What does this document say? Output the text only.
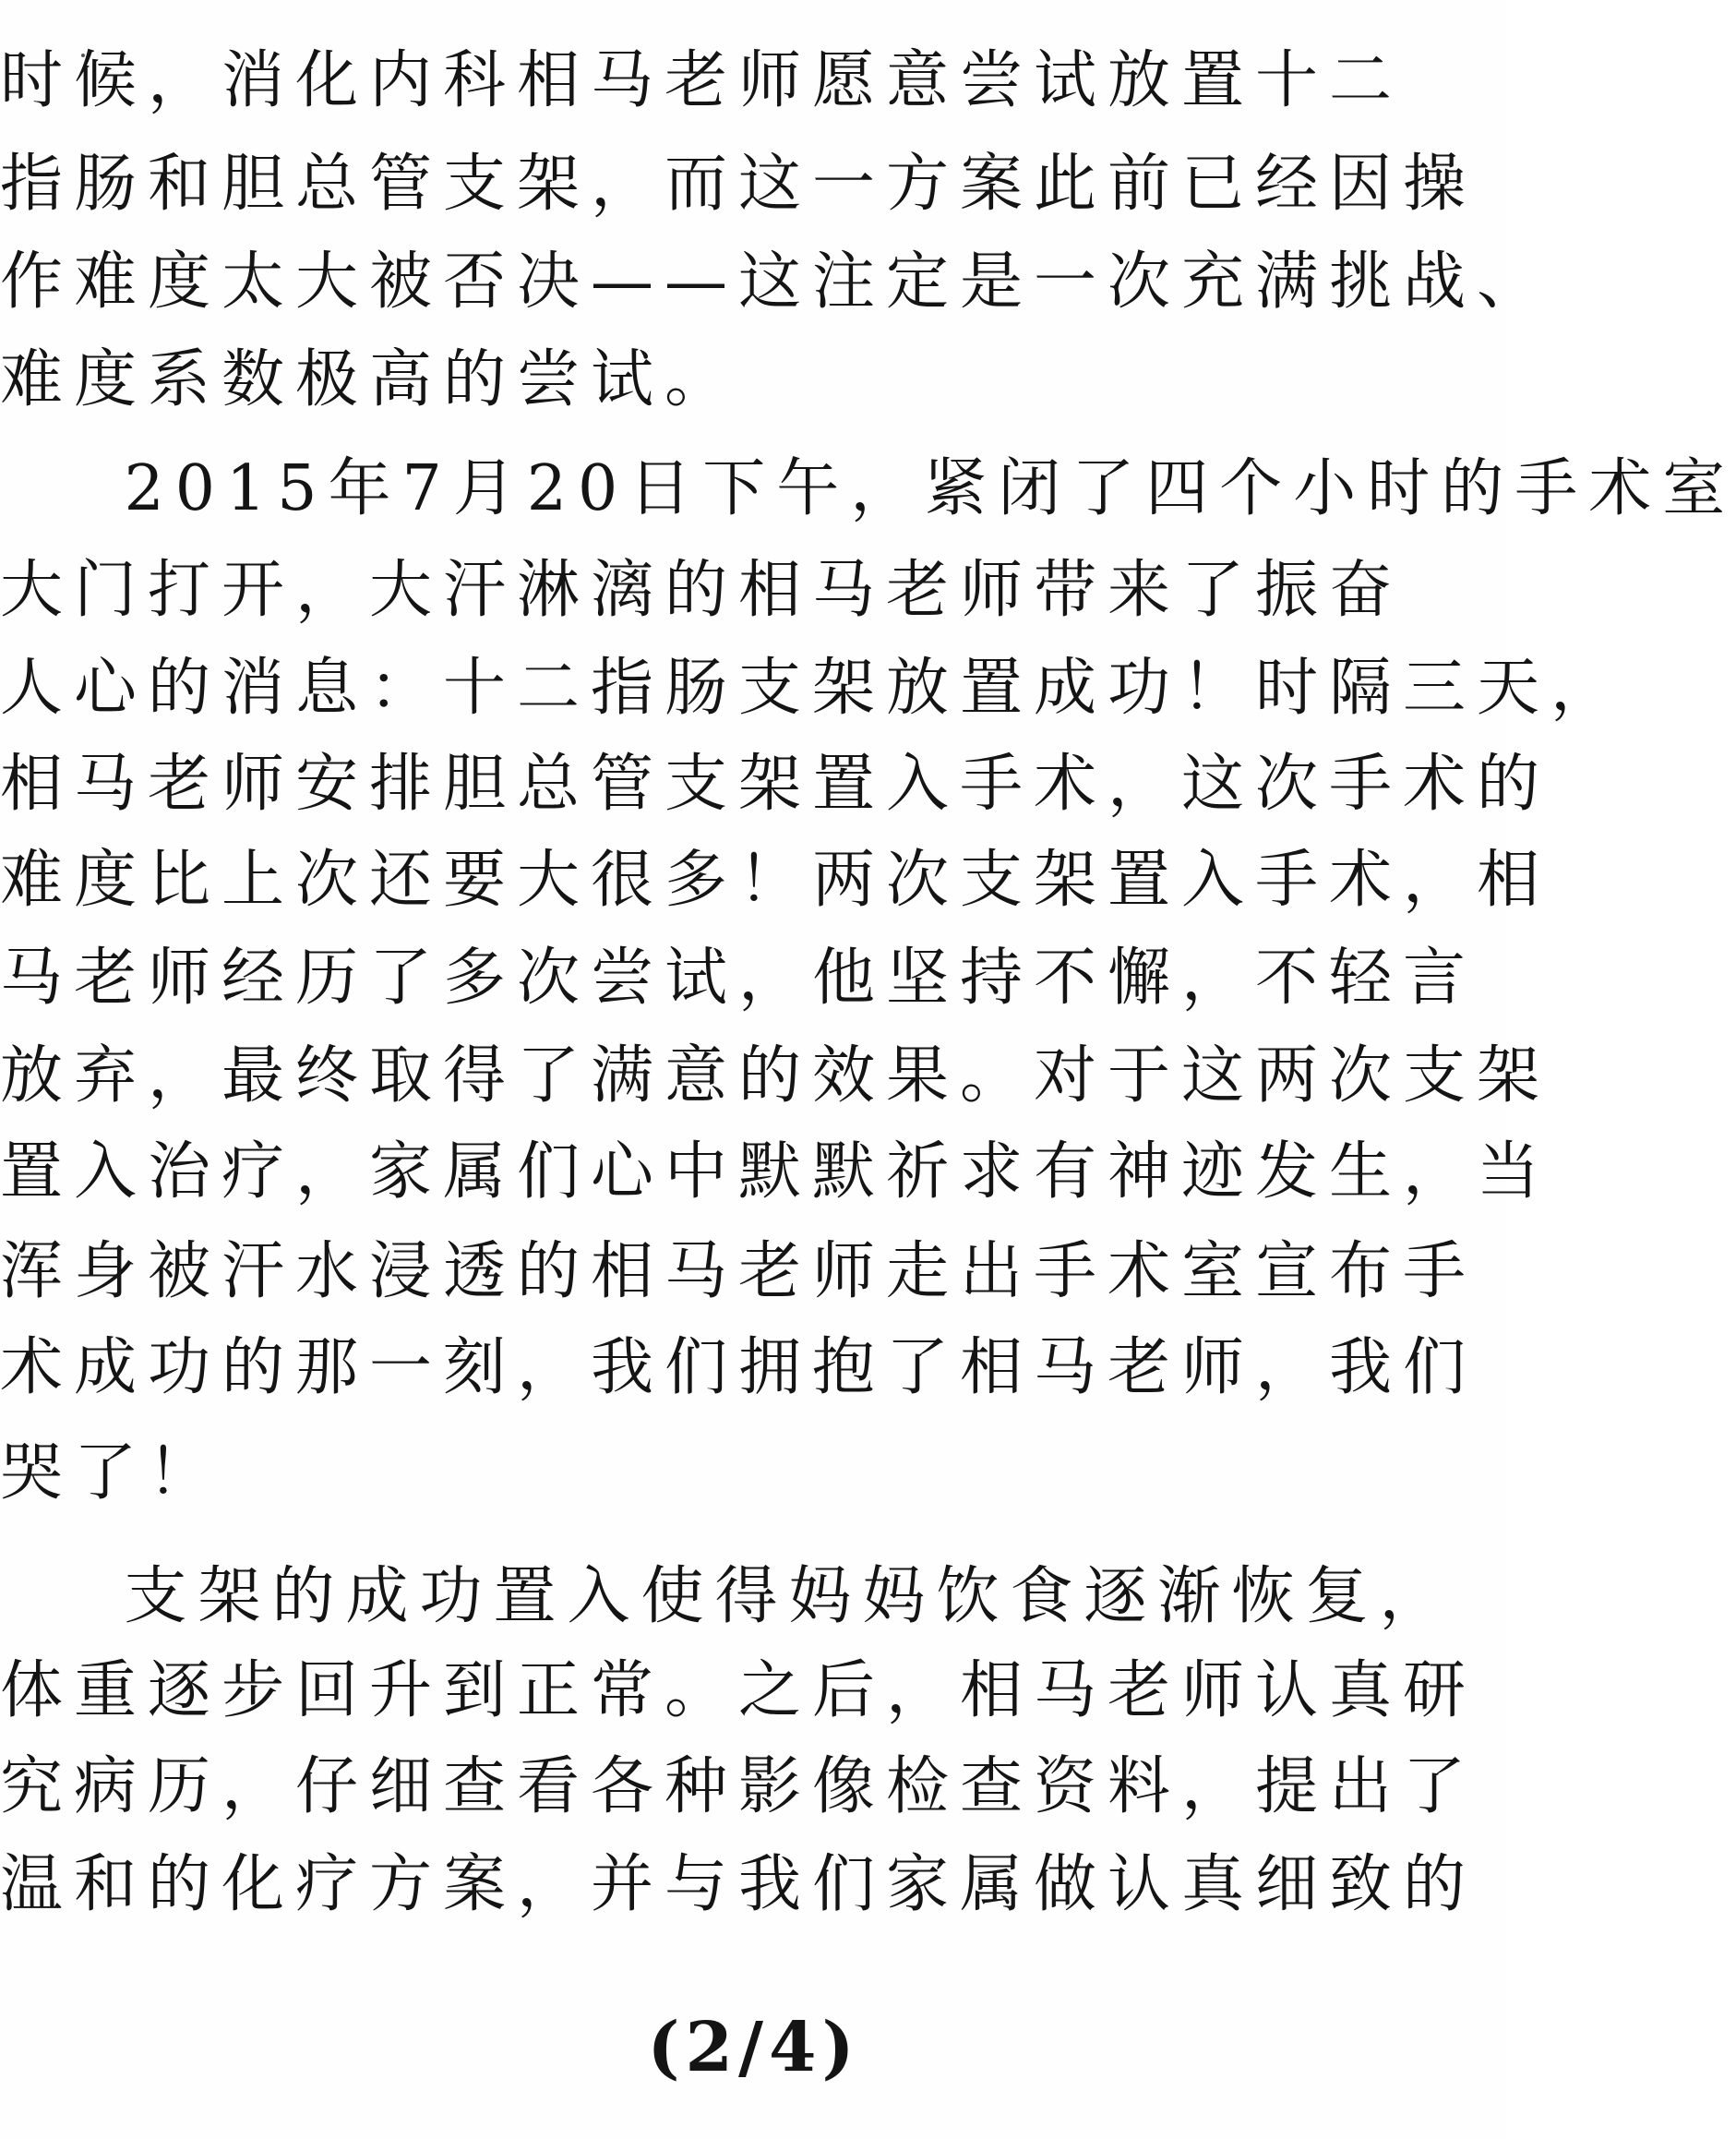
时候，消化内科相马老师愿意尝试放置十二
指肠和胆总管支架，而这一方案此前已经因操
作难度太大被否决——这注定是一次充满挑战、
难度系数极高的尝试。
2015年7月20日下午，紧闭了四个小时的手术室
大门打开，大汗淋漓的相马老师带来了振奋
人心的消息：十二指肠支架放置成功！时隔三天，
相马老师安排胆总管支架置入手术，这次手术的
难度比上次还要大很多！两次支架置入手术，相
马老师经历了多次尝试，他坚持不懈，不轻言
放弃，最终取得了满意的效果。对于这两次支架
置入治疗，家属们心中默默祈求有神迹发生，当
浑身被汗水浸透的相马老师走出手术室宣布手
术成功的那一刻，我们拥抱了相马老师，我们
哭了！
支架的成功置入使得妈妈饮食逐渐恢复，
体重逐步回升到正常。之后，相马老师认真研
究病历，仔细查看各种影像检查资料，提出了
温和的化疗方案，并与我们家属做认真细致的
(2/4)
